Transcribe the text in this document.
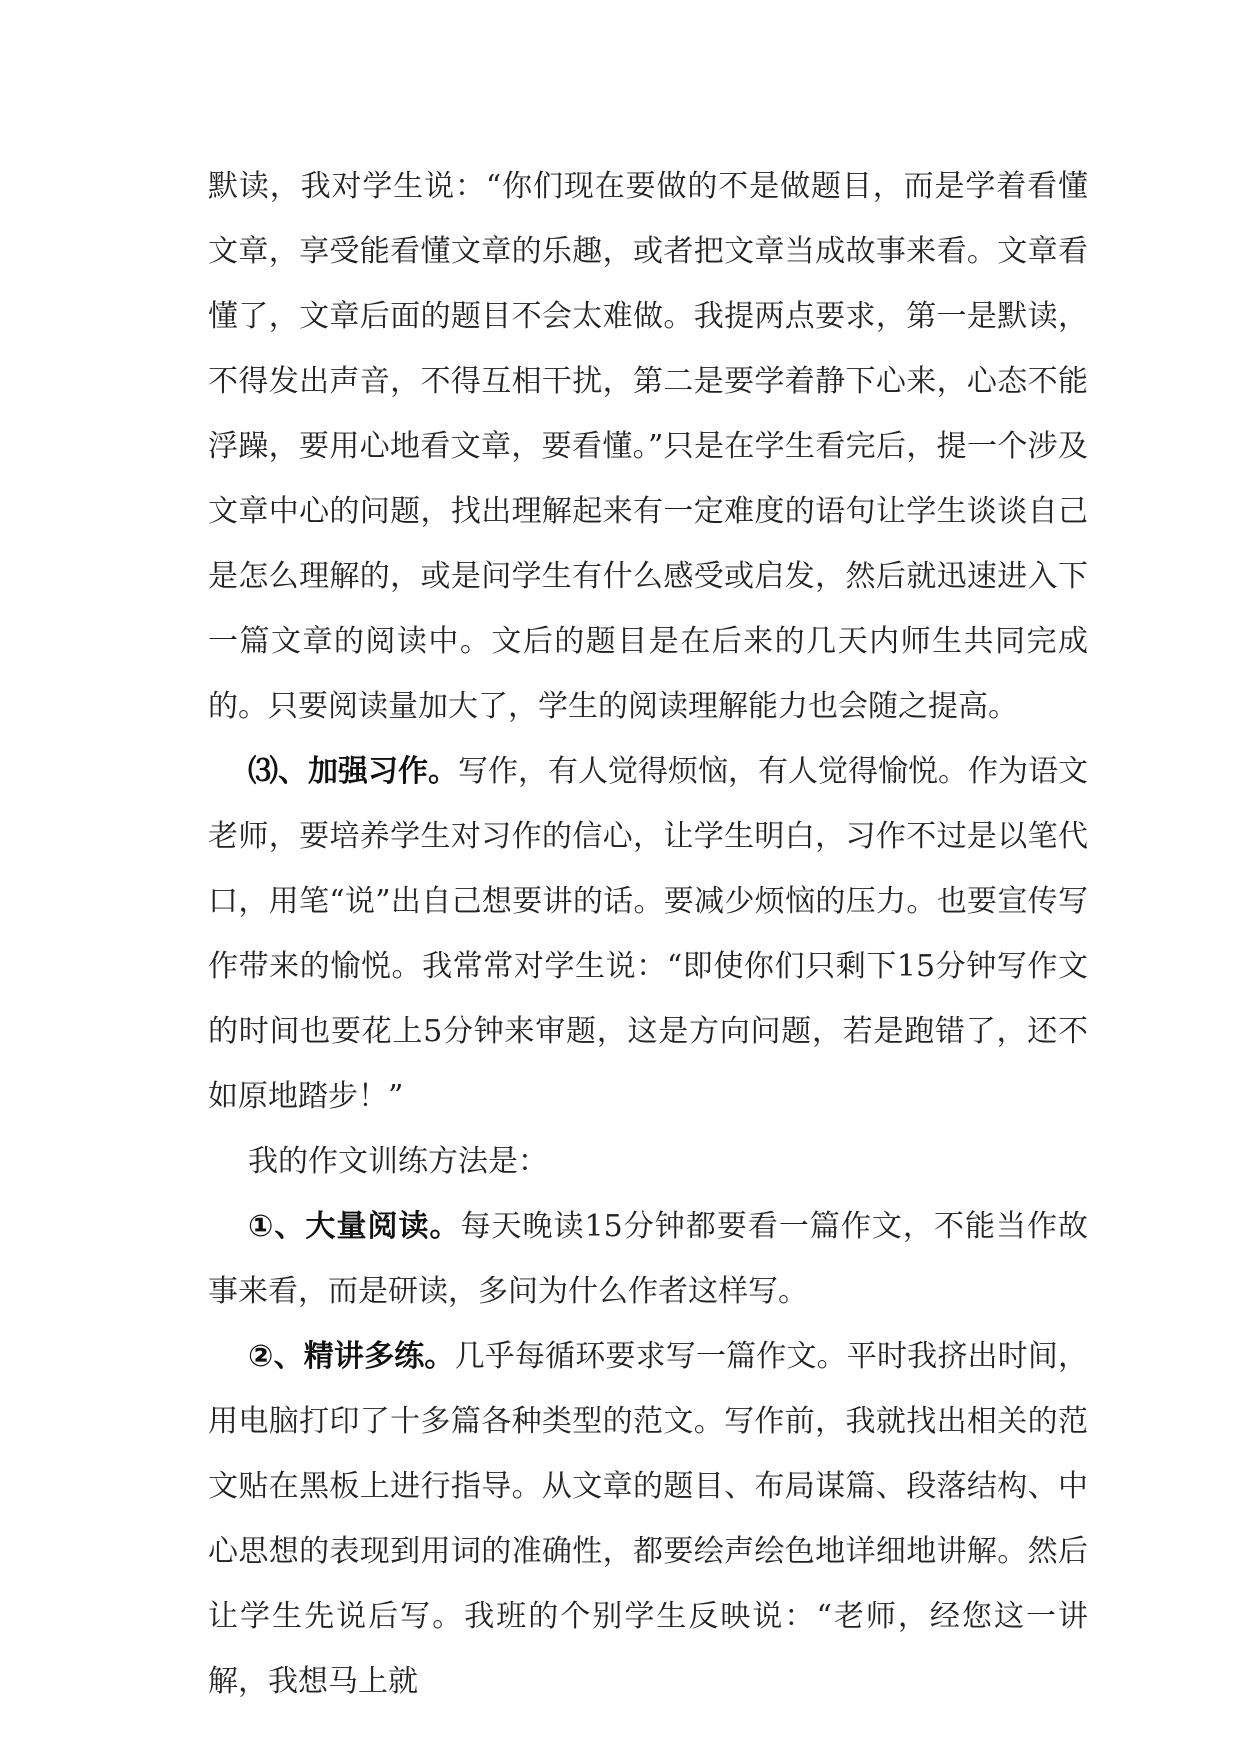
默读，我对学生说：“你们现在要做的不是做题目，而是学着看懂文章，享受能看懂文章的乐趣，或者把文章当成故事来看。文章看懂了，文章后面的题目不会太难做。我提两点要求，第一是默读，不得发出声音，不得互相干扰，第二是要学着静下心来，心态不能浮躁，要用心地看文章，要看懂。”只是在学生看完后，提一个涉及文章中心的问题，找出理解起来有一定难度的语句让学生谈谈自己是怎么理解的，或是问学生有什么感受或启发，然后就迅速进入下一篇文章的阅读中。文后的题目是在后来的几天内师生共同完成的。只要阅读量加大了，学生的阅读理解能力也会随之提高。

⑶、加强习作。写作，有人觉得烦恼，有人觉得愉悦。作为语文老师，要培养学生对习作的信心，让学生明白，习作不过是以笔代口，用笔“说”出自己想要讲的话。要减少烦恼的压力。也要宣传写作带来的愉悦。我常常对学生说：“即使你们只剩下15分钟写作文的时间也要花上5分钟来审题，这是方向问题，若是跑错了，还不如原地踏步！”

我的作文训练方法是：

①、大量阅读。每天晚读15分钟都要看一篇作文，不能当作故事来看，而是研读，多问为什么作者这样写。

②、精讲多练。几乎每循环要求写一篇作文。平时我挤出时间，用电脑打印了十多篇各种类型的范文。写作前，我就找出相关的范文贴在黑板上进行指导。从文章的题目、布局谋篇、段落结构、中心思想的表现到用词的准确性，都要绘声绘色地详细地讲解。然后让学生先说后写。我班的个别学生反映说：“老师，经您这一讲解，我想马上就
